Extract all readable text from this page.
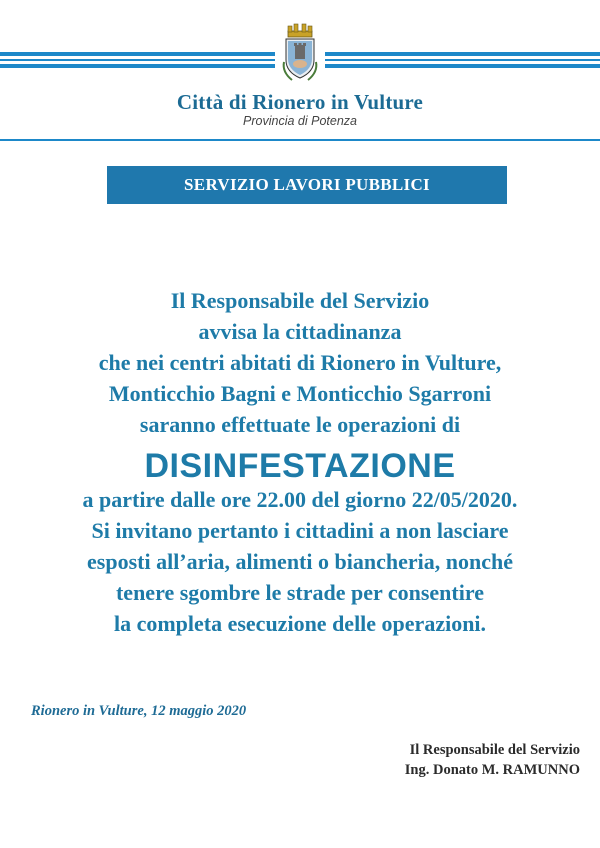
Città di Rionero in Vulture
Provincia di Potenza
SERVIZIO LAVORI PUBBLICI
Il Responsabile del Servizio
avvisa la cittadinanza
che nei centri abitati di Rionero in Vulture,
Monticchio Bagni e Monticchio Sgarroni
saranno effettuate le operazioni di
DISINFESTAZIONE
a partire dalle ore 22.00 del giorno 22/05/2020.
Si invitano pertanto i cittadini a non lasciare
esposti all’aria, alimenti o biancheria, nonché
tenere sgombre le strade per consentire
la completa esecuzione delle operazioni.
Rionero in Vulture, 12 maggio 2020
Il Responsabile del Servizio
Ing. Donato M. RAMUNNO
